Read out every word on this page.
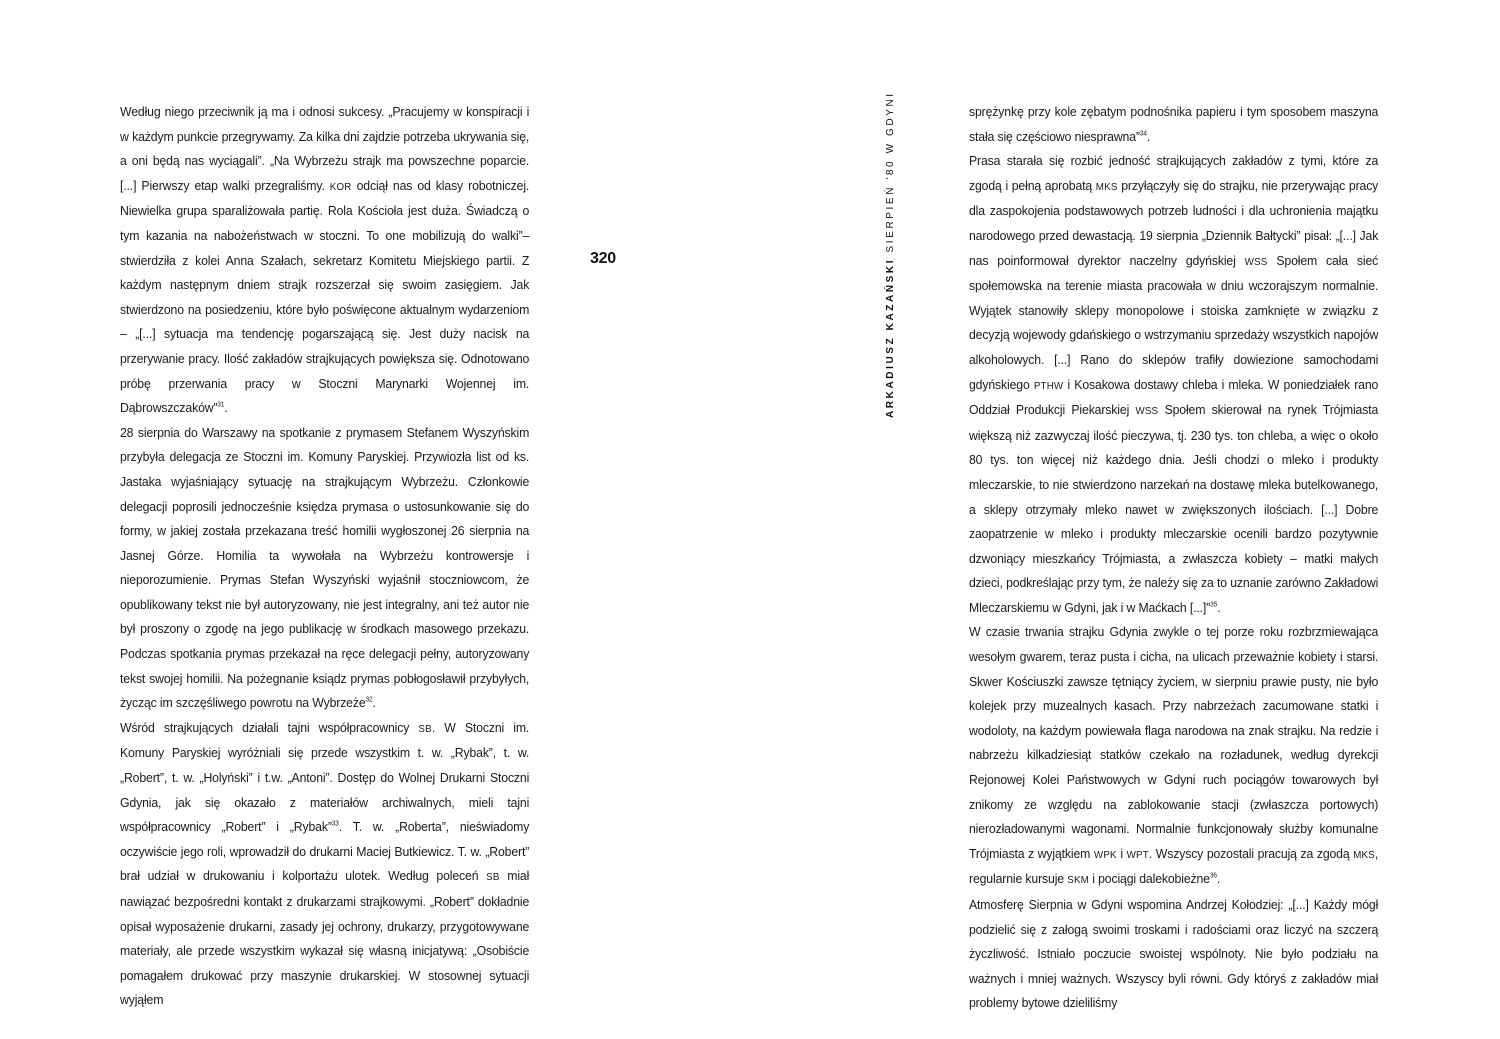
Według niego przeciwnik ją ma i odnosi sukcesy. „Pracujemy w konspiracji i w każdym punkcie przegrywamy. Za kilka dni zajdzie potrzeba ukrywania się, a oni będą nas wyciągali”. „Na Wybrzeżu strajk ma powszechne poparcie. [...] Pierwszy etap walki przegraliśmy. KOR odciął nas od klasy robotniczej. Niewielka grupa sparaliżowała partię. Rola Kościoła jest duża. Świadczą o tym kazania na nabożeństwach w stoczni. To one mobilizują do walki”– stwierdziła z kolei Anna Szałach, sekretarz Komitetu Miejskiego partii. Z każdym następnym dniem strajk rozszerzał się swoim zasięgiem. Jak stwierdzono na posiedzeniu, które było poświęcone aktualnym wydarzeniom – „[...] sytuacja ma tendencję pogarszającą się. Jest duży nacisk na przerywanie pracy. Ilość zakładów strajkujących powiększa się. Odnotowano próbę przerwania pracy w Stoczni Marynarki Wojennej im. Dąbrowszczaków”$^{31}$.

28 sierpnia do Warszawy na spotkanie z prymasem Stefanem Wyszyńskim przybyła delegacja ze Stoczni im. Komuny Paryskiej. Przywiozła list od ks. Jastaka wyjaśniający sytuację na strajkującym Wybrzeżu. Członkowie delegacji poprosili jednocześnie księdza prymasa o ustosunkowanie się do formy, w jakiej została przekazana treść homilii wygłoszonej 26 sierpnia na Jasnej Górze. Homilia ta wywołała na Wybrzeżu kontrowersje i nieporozumienie. Prymas Stefan Wyszyński wyjaśnił stoczniowcom, że opublikowany tekst nie był autoryzowany, nie jest integralny, ani też autor nie był proszony o zgodę na jego publikację w środkach masowego przekazu. Podczas spotkania prymas przekazał na ręce delegacji pełny, autoryzowany tekst swojej homilii. Na pożegnanie ksiądz prymas pobłogosławił przybyłych, życząc im szczęśliwego powrotu na Wybrzeże$^{32}$.

Wśród strajkujących działali tajni współpracownicy SB. W Stoczni im. Komuny Paryskiej wyróżniali się przede wszystkim t. w. „Rybak”, t. w. „Robert”, t. w. „Holyński” i t.w. „Antoni”. Dostęp do Wolnej Drukarni Stoczni Gdynia, jak się okazało z materiałów archiwalnych, mieli tajni współpracownicy „Robert” i „Rybak”$^{33}$. T. w. „Roberta”, nieświadomy oczywiście jego roli, wprowadził do drukarni Maciej Butkiewicz. T. w. „Robert” brał udział w drukowaniu i kolportażu ulotek. Według poleceń SB miał nawiązać bezpośredni kontakt z drukarzami strajkowymi. „Robert” dokładnie opisał wyposażenie drukarni, zasady jej ochrony, drukarzy, przygotowywane materiały, ale przede wszystkim wykazał się własną inicjatywą: „Osobiście pomagałem drukować przy maszynie drukarskiej. W stosownej sytuacji wyjąłem

320	ARKADIUSZ KAZAŃSKI SIERPIEŃ '80 W GDYNI	sprężynkę przy kole zębatym podnośnika papieru i tym sposobem maszyna stała się częściowo niesprawna”$^{34}$.

Prasa starała się rozbić jedność strajkujących zakładów z tymi, które za zgodą i pełną aprobatą MKS przyłączyły się do strajku, nie przerywając pracy dla zaspokojenia podstawowych potrzeb ludności i dla uchronienia majątku narodowego przed dewastacją. 19 sierpnia „Dziennik Bałtycki” pisał: „[...] Jak nas poinformował dyrektor naczelny gdyńskiej WSS Społem cała sieć społemowska na terenie miasta pracowała w dniu wczorajszym normalnie. Wyjątek stanowiły sklepy monopolowe i stoiska zamknięte w związku z decyzją wojewody gdańskiego o wstrzymaniu sprzedaży wszystkich napojów alkoholowych. [...] Rano do sklepów trafiły dowiezione samochodami gdyńskiego PTHW i Kosakowa dostawy chleba i mleka. W poniedziałek rano Oddział Produkcji Piekarskiej WSS Społem skierował na rynek Trójmiasta większą niż zazwyczaj ilość pieczywa, tj. 230 tys. ton chleba, a więc o około 80 tys. ton więcej niż każdego dnia. Jeśli chodzi o mleko i produkty mleczarskie, to nie stwierdzono narzekań na dostawę mleka butelkowanego, a sklepy otrzymały mleko nawet w zwiększonych ilościach. [...] Dobre zaopatrzenie w mleko i produkty mleczarskie ocenili bardzo pozytywnie dzwoniący mieszkańcy Trójmiasta, a zwłaszcza kobiety – matki małych dzieci, podkreślając przy tym, że należy się za to uznanie zarówno Zakładowi Mleczarskiemu w Gdyni, jak i w Maćkach [...]”$^{35}$.

W czasie trwania strajku Gdynia zwykle o tej porze roku rozbrzmiewająca wesołym gwarem, teraz pusta i cicha, na ulicach przeważnie kobiety i starsi. Skwer Kościuszki zawsze tętniący życiem, w sierpniu prawie pusty, nie było kolejek przy muzealnych kasach. Przy nabrzeżach zacumowane statki i wodoloty, na każdym powiewała flaga narodowa na znak strajku. Na redzie i nabrzeżu kilkadziesiąt statków czekało na rozładunek, według dyrekcji Rejonowej Kolei Państwowych w Gdyni ruch pociągów towarowych był znikomy ze względu na zablokowanie stacji (zwłaszcza portowych) nierozładowanymi wagonami. Normalnie funkcjonowały służby komunalne Trójmiasta z wyjątkiem WPK i WPT. Wszyscy pozostali pracują za zgodą MKS, regularnie kursuje SKM i pociągi dalekobieżne$^{36}$.

Atmosferę Sierpnia w Gdyni wspomina Andrzej Kołodziej: „[...] Każdy mógł podzielić się z załogą swoimi troskami i radościami oraz liczyć na szczerą życzliwość. Istniało poczucie swoistej wspólnoty. Nie było podziału na ważnych i mniej ważnych. Wszyscy byli równi. Gdy któryś z zakładów miał problemy bytowe dzieliliśmy
